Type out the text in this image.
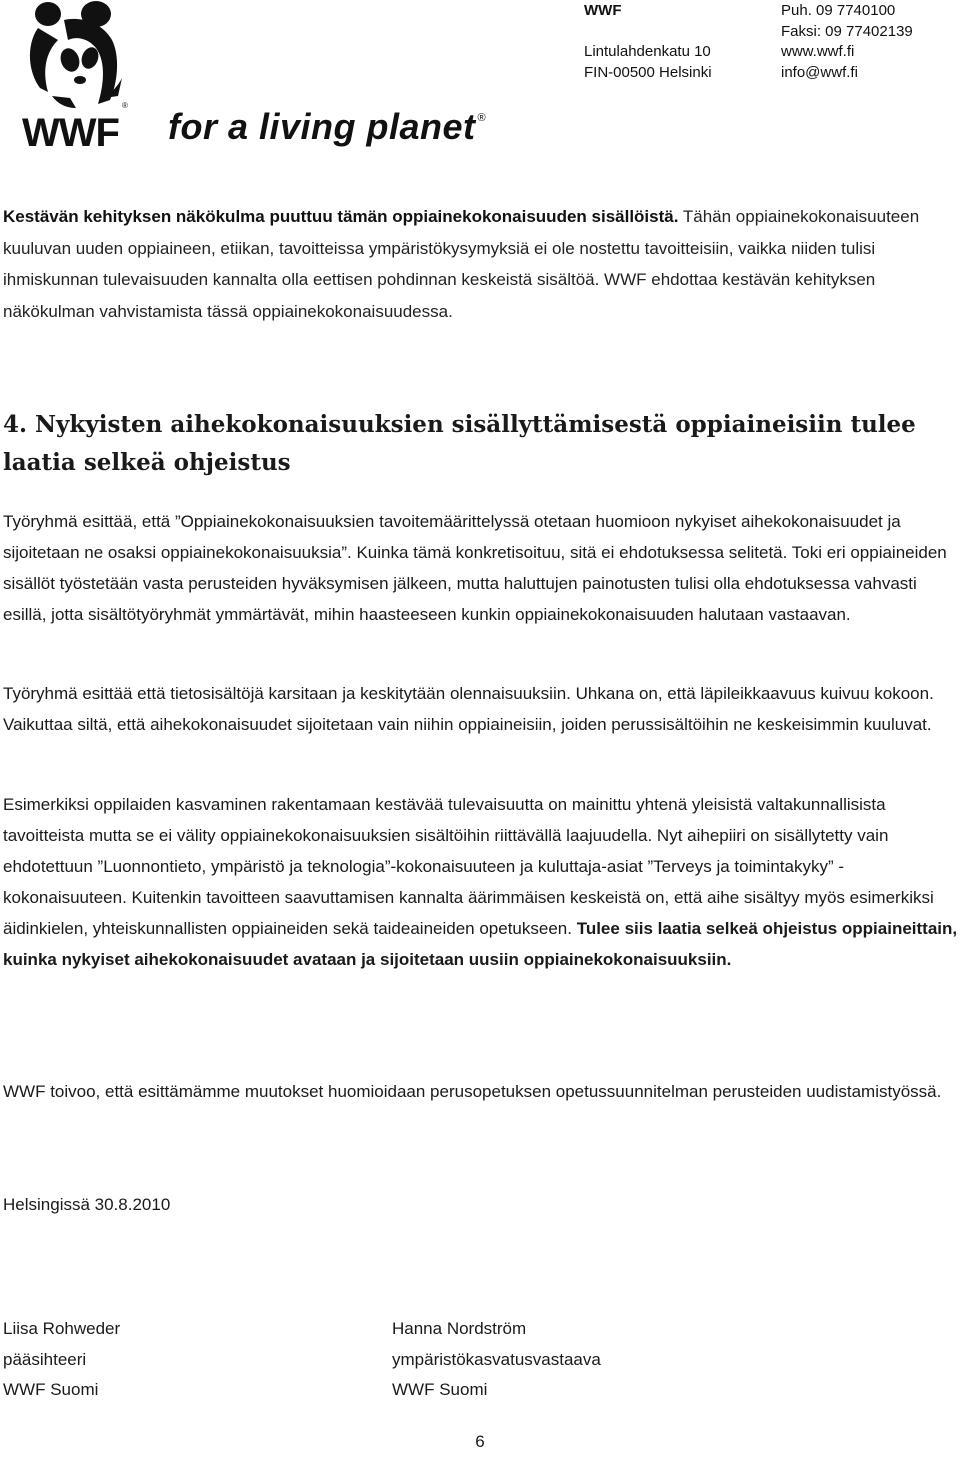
®
WWF for a living planet ®
WWF
Lintulahdenkatu 10
FIN-00500 Helsinki
Puh. 09 7740100
Faksi: 09 77402139
www.wwf.fi
info@wwf.fi
Kestävän kehityksen näkökulma puuttuu tämän oppiainekokonaisuuden sisällöistä. Tähän oppiainekokonaisuuteen kuuluvan uuden oppiaineen, etiikan, tavoitteissa ympäristökysymyksiä ei ole nostettu tavoitteisiin, vaikka niiden tulisi ihmiskunnan tulevaisuuden kannalta olla eettisen pohdinnan keskeistä sisältöä. WWF ehdottaa kestävän kehityksen näkökulman vahvistamista tässä oppiainekokonaisuudessa.
4. Nykyisten aihekokonaisuuksien sisällyttämisestä oppiaineisiin tulee laatia selkeä ohjeistus
Työryhmä esittää, että ”Oppiainekokonaisuuksien tavoitemäärittelyssä otetaan huomioon nykyiset aihekokonaisuudet ja sijoitetaan ne osaksi oppiainekokonaisuuksia”. Kuinka tämä konkretisoituu, sitä ei ehdotuksessa selitetä. Toki eri oppiaineiden sisällöt työstetään vasta perusteiden hyväksymisen jälkeen, mutta haluttujen painotusten tulisi olla ehdotuksessa vahvasti esillä, jotta sisältötyöryhmät ymmärtävät, mihin haasteeseen kunkin oppiainekokonaisuuden halutaan vastaavan.
Työryhmä esittää että tietosisältöjä karsitaan ja keskitytään olennaisuuksiin. Uhkana on, että läpileikkaavuus kuivuu kokoon. Vaikuttaa siltä, että aihekokonaisuudet sijoitetaan vain niihin oppiaineisiin, joiden perussisältöihin ne keskeisimmin kuuluvat.
Esimerkiksi oppilaiden kasvaminen rakentamaan kestävää tulevaisuutta on mainittu yhtenä yleisistä valtakunnallisista tavoitteista mutta se ei välity oppiainekokonaisuuksien sisältöihin riittävällä laajuudella. Nyt aihepiiri on sisällytetty vain ehdotettuun ”Luonnontieto, ympäristö ja teknologia”-kokonaisuuteen ja kuluttaja-asiat ”Terveys ja toimintakyky” -kokonaisuuteen. Kuitenkin tavoitteen saavuttamisen kannalta äärimmäisen keskeistä on, että aihe sisältyy myös esimerkiksi äidinkielen, yhteiskunnallisten oppiaineiden sekä taideaineiden opetukseen. Tulee siis laatia selkeä ohjeistus oppiaineittain, kuinka nykyiset aihekokonaisuudet avataan ja sijoitetaan uusiin oppiainekokonaisuuksiin.
WWF toivoo, että esittämämme muutokset huomioidaan perusopetuksen opetussuunnitelman perusteiden uudistamistyössä.
Helsingissä 30.8.2010
Liisa Rohweder
pääsihteeri
WWF Suomi
Hanna Nordström
ympäristökasvatusvastaava
WWF Suomi
6
